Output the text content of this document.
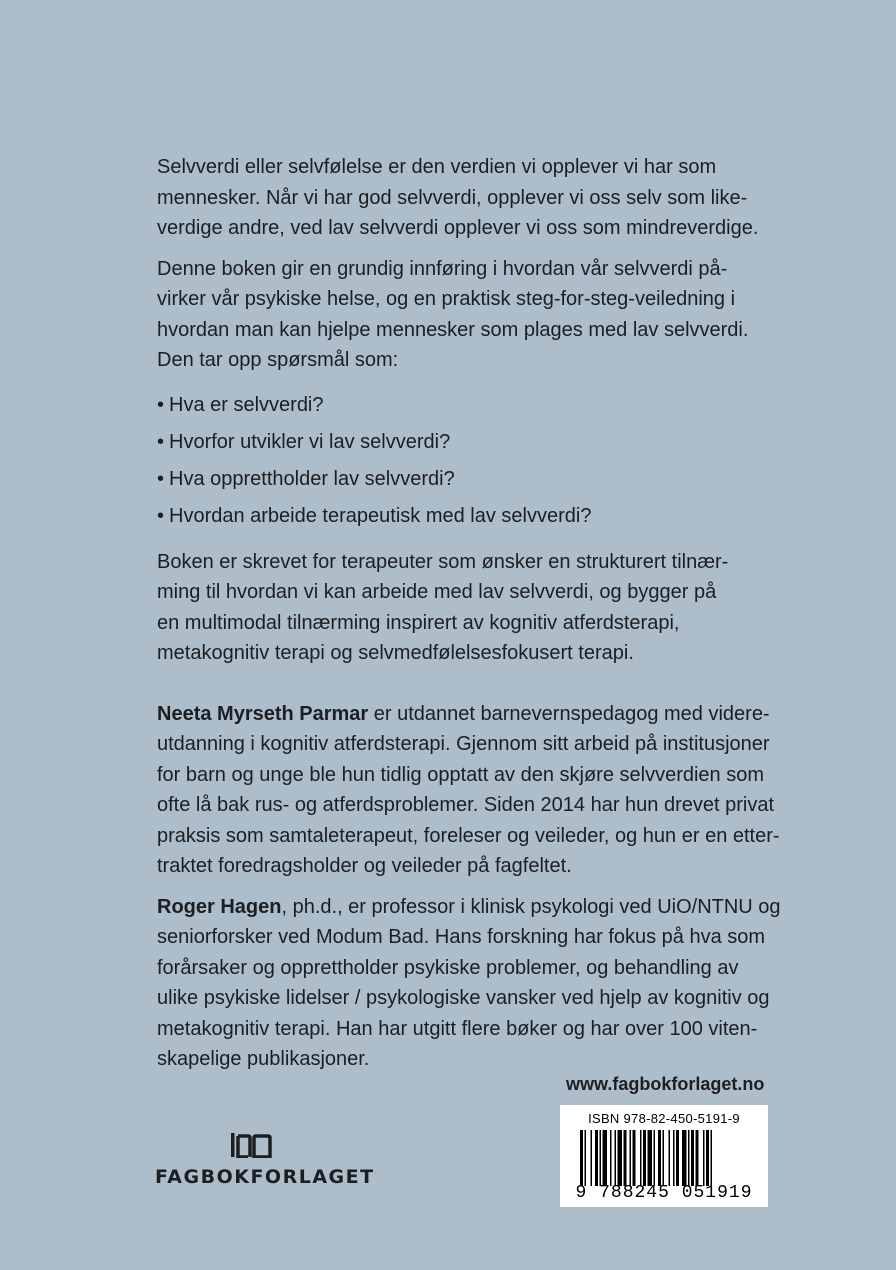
Selvverdi eller selvfølelse er den verdien vi opplever vi har som
mennesker. Når vi har god selvverdi, opplever vi oss selv som like-
verdige andre, ved lav selvverdi opplever vi oss som mindreverdige.

Denne boken gir en grundig innføring i hvordan vår selvverdi på-
virker vår psykiske helse, og en praktisk steg-for-steg-veiledning i
hvordan man kan hjelpe mennesker som plages med lav selvverdi.
Den tar opp spørsmål som:

• Hva er selvverdi?
• Hvorfor utvikler vi lav selvverdi?
• Hva opprettholder lav selvverdi?
• Hvordan arbeide terapeutisk med lav selvverdi?

Boken er skrevet for terapeuter som ønsker en strukturert tilnær-
ming til hvordan vi kan arbeide med lav selvverdi, og bygger på
en multimodal tilnærming inspirert av kognitiv atferdsterapi,
metakognitiv terapi og selvmedfølelsesfokusert terapi.

Neeta Myrseth Parmar er utdannet barnevernspedagog med videre-
utdanning i kognitiv atferdsterapi. Gjennom sitt arbeid på institusjoner
for barn og unge ble hun tidlig opptatt av den skjøre selvverdien som
ofte lå bak rus- og atferdsproblemer. Siden 2014 har hun drevet privat
praksis som samtaleterapeut, foreleser og veileder, og hun er en etter-
traktet foredragsholder og veileder på fagfeltet.

Roger Hagen, ph.d., er professor i klinisk psykologi ved UiO/NTNU og
seniorforsker ved Modum Bad. Hans forskning har fokus på hva som
forårsaker og opprettholder psykiske problemer, og behandling av
ulike psykiske lidelser / psykologiske vansker ved hjelp av kognitiv og
metakognitiv terapi. Han har utgitt flere bøker og har over 100 viten-
skapelige publikasjoner.

www.fagbokforlaget.no
ISBN 978-82-450-5191-9
9 788245 051919
FAGBOKFORLAGET
